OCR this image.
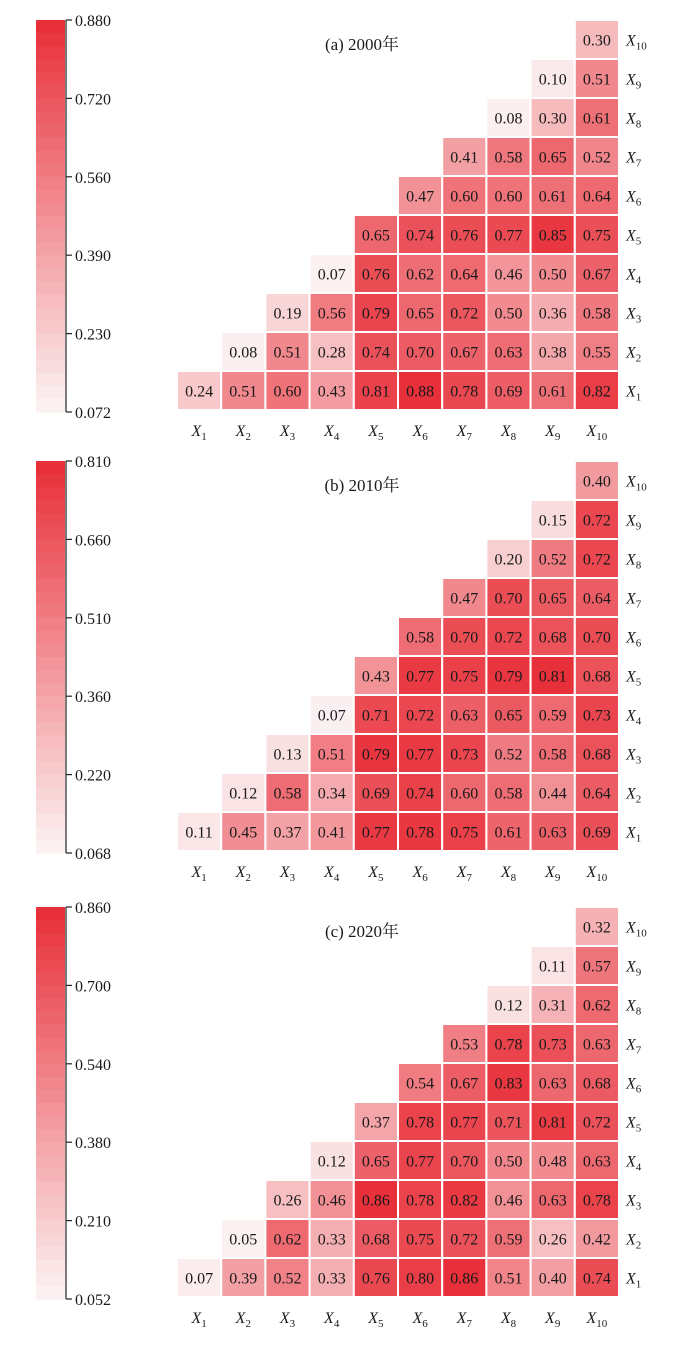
0.880
0.720
0.560
0.390
0.230
0.072
(a) 2000年
0.24 0.51 0.60 0.43 0.81 0.88 0.78 0.69 0.61 0.82
0.08 0.51 0.28 0.74 0.70 0.67 0.63 0.38 0.55
0.19 0.56 0.79 0.65 0.72 0.50 0.36 0.58
0.07 0.76 0.62 0.64 0.46 0.50 0.67
0.65 0.74 0.76 0.77 0.85 0.75
0.47 0.60 0.60 0.61 0.64
0.41 0.58 0.65 0.52
0.08 0.30 0.61
0.10 0.51
0.30
$X_1$ $X_2$ $X_3$ $X_4$ $X_5$ $X_6$ $X_7$ $X_8$ $X_9$ $X_{10}$
$X_1$
$X_2$
$X_3$
$X_4$
$X_5$
$X_6$
$X_7$
$X_8$
$X_9$
$X_{10}$
0.810
0.660
0.510
0.360
0.220
0.068
(b) 2010年
0.11 0.45 0.37 0.41 0.77 0.78 0.75 0.61 0.63 0.69
0.12 0.58 0.34 0.69 0.74 0.60 0.58 0.44 0.64
0.13 0.51 0.79 0.77 0.73 0.52 0.58 0.68
0.07 0.71 0.72 0.63 0.65 0.59 0.73
0.43 0.77 0.75 0.79 0.81 0.68
0.58 0.70 0.72 0.68 0.70
0.47 0.70 0.65 0.64
0.20 0.52 0.72
0.15 0.72
0.40
$X_1$ $X_2$ $X_3$ $X_4$ $X_5$ $X_6$ $X_7$ $X_8$ $X_9$ $X_{10}$
$X_1$
$X_2$
$X_3$
$X_4$
$X_5$
$X_6$
$X_7$
$X_8$
$X_9$
$X_{10}$
0.860
0.700
0.540
0.380
0.210
0.052
(c) 2020年
0.07 0.39 0.52 0.33 0.76 0.80 0.86 0.51 0.40 0.74
0.05 0.62 0.33 0.68 0.75 0.72 0.59 0.26 0.42
0.26 0.46 0.86 0.78 0.82 0.46 0.63 0.78
0.12 0.65 0.77 0.70 0.50 0.48 0.63
0.37 0.78 0.77 0.71 0.81 0.72
0.54 0.67 0.83 0.63 0.68
0.53 0.78 0.73 0.63
0.12 0.31 0.62
0.11 0.57
0.32
$X_1$ $X_2$ $X_3$ $X_4$ $X_5$ $X_6$ $X_7$ $X_8$ $X_9$ $X_{10}$
$X_1$
$X_2$
$X_3$
$X_4$
$X_5$
$X_6$
$X_7$
$X_8$
$X_9$
$X_{10}$
